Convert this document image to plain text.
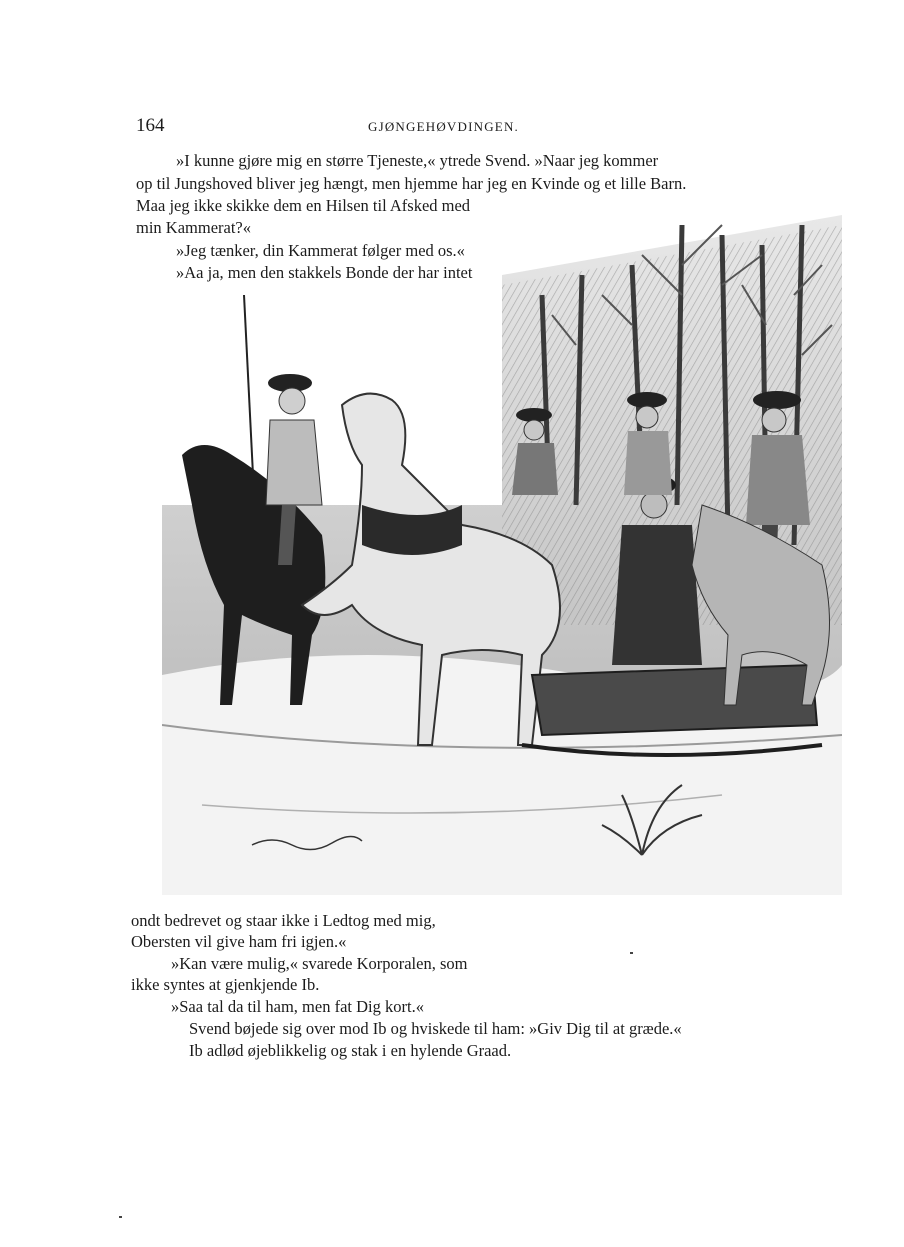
164	GJØNGEHØVDINGEN.
»I kunne gjøre mig en større Tjeneste,« ytrede Svend. »Naar jeg kommer
op til Jungshoved bliver jeg hængt, men hjemme har jeg en Kvinde og et lille Barn.
Maa jeg ikke skikke dem en Hilsen til Afsked med
min Kammerat?«
»Jeg tænker, din Kammerat følger med os.«
»Aa ja, men den stakkels Bonde der har intet
ondt bedrevet og staar ikke i Ledtog med mig,
Obersten vil give ham fri igjen.«
»Kan være mulig,« svarede Korporalen, som
ikke syntes at gjenkjende Ib.
»Saa tal da til ham, men fat Dig kort.«
Svend bøjede sig over mod Ib og hviskede til ham: »Giv Dig til at græde.«
Ib adlød øjeblikkelig og stak i en hylende Graad.
